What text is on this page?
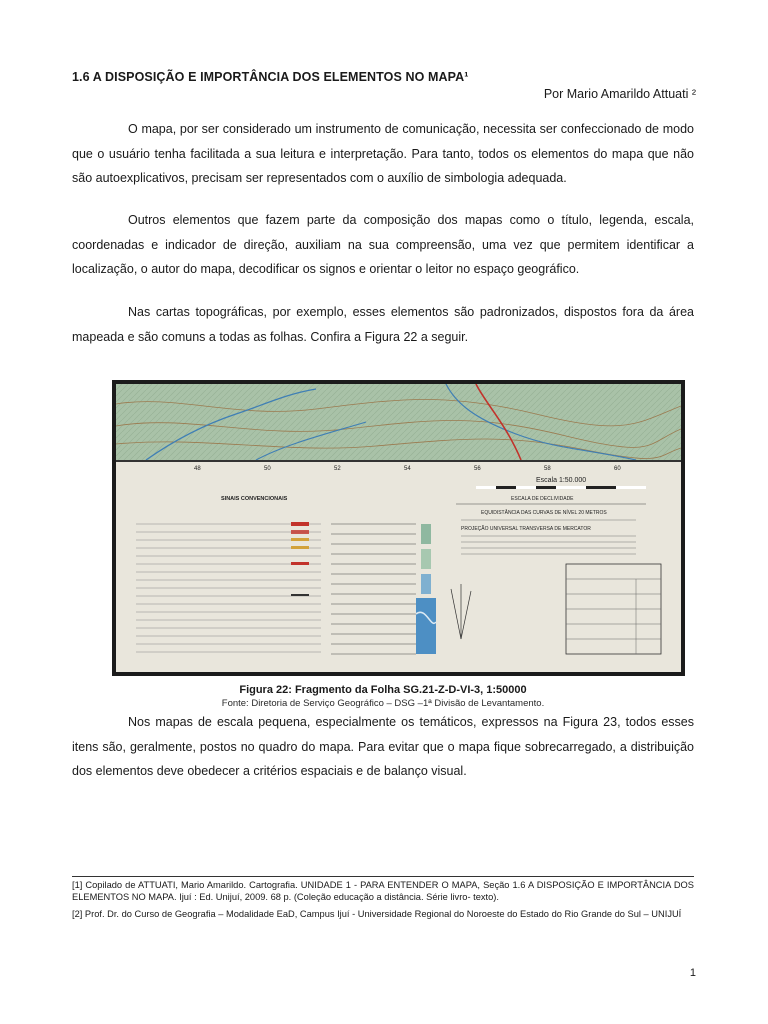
1.6 A DISPOSIÇÃO E IMPORTÂNCIA DOS ELEMENTOS NO MAPA¹
Por Mario Amarildo Attuati ²

O mapa, por ser considerado um instrumento de comunicação, necessita ser confeccionado de modo que o usuário tenha facilitada a sua leitura e interpretação. Para tanto, todos os elementos do mapa que não são autoexplicativos, precisam ser representados com o auxílio de simbologia adequada.

Outros elementos que fazem parte da composição dos mapas como o título, legenda, escala, coordenadas e indicador de direção, auxiliam na sua compreensão, uma vez que permitem identificar a localização, o autor do mapa, decodificar os signos e orientar o leitor no espaço geográfico.

Nas cartas topográficas, por exemplo, esses elementos são padronizados, dispostos fora da área mapeada e são comuns a todas as folhas. Confira a Figura 22 a seguir.

48	50	52	54	56	58	60
Escala 1:50.000
ESCALA DE DECLIVIDADE
EQUIDISTÂNCIA DAS CURVAS DE NÍVEL 20 METROS
PROJEÇÃO UNIVERSAL TRANSVERSA DE MERCATOR
SINAIS CONVENCIONAIS
Figura 22: Fragmento da Folha SG.21-Z-D-VI-3, 1:50000
Fonte: Diretoria de Serviço Geográfico – DSG –1ª Divisão de Levantamento.

Nos mapas de escala pequena, especialmente os temáticos, expressos na Figura 23, todos esses itens são, geralmente, postos no quadro do mapa. Para evitar que o mapa fique sobrecarregado, a distribuição dos elementos deve obedecer a critérios espaciais e de balanço visual.

[1] Copilado de ATTUATI, Mario Amarildo. Cartografia. UNIDADE 1 - PARA ENTENDER O MAPA, Seção 1.6 A DISPOSIÇÃO E IMPORTÂNCIA DOS ELEMENTOS NO MAPA. Ijuí : Ed. Unijuí, 2009. 68 p. (Coleção educação a distância. Série livro- texto).

[2] Prof. Dr. do Curso de Geografia – Modalidade EaD, Campus Ijuí - Universidade Regional do Noroeste do Estado do Rio Grande do Sul – UNIJUÍ

1
